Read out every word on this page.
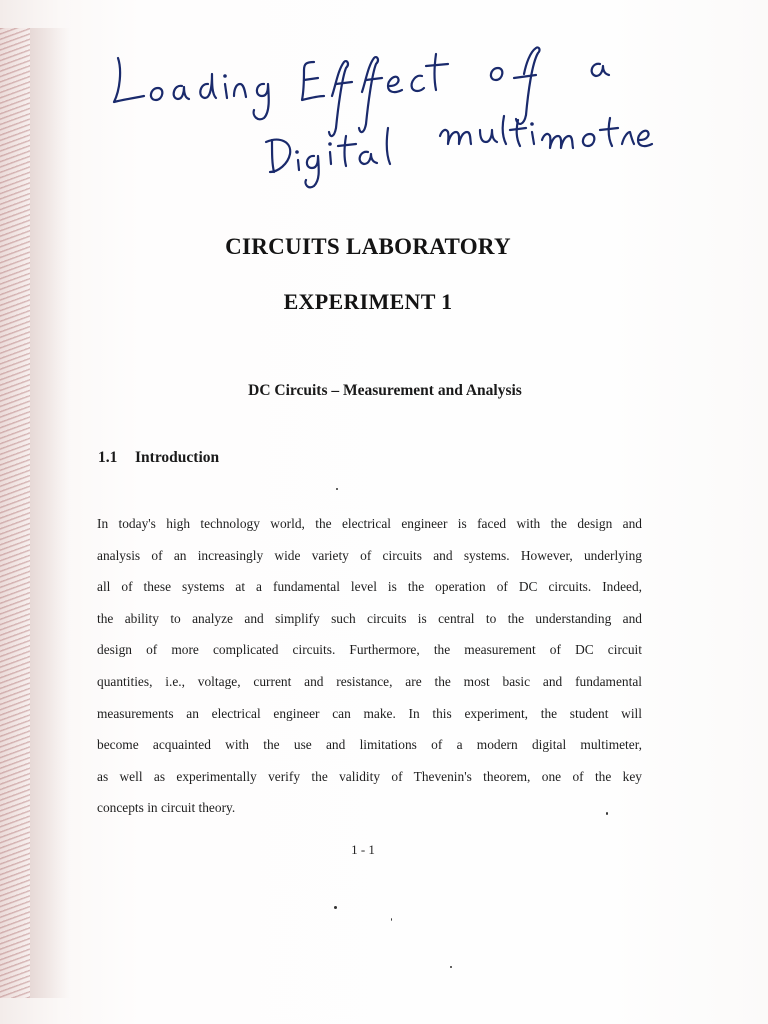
CIRCUITS LABORATORY
EXPERIMENT 1
DC Circuits – Measurement and Analysis
1.1 Introduction
In today's high technology world, the electrical engineer is faced with the design and
analysis of an increasingly wide variety of circuits and systems. However, underlying
all of these systems at a fundamental level is the operation of DC circuits. Indeed,
the ability to analyze and simplify such circuits is central to the understanding and
design of more complicated circuits. Furthermore, the measurement of DC circuit
quantities, i.e., voltage, current and resistance, are the most basic and fundamental
measurements an electrical engineer can make. In this experiment, the student will
become acquainted with the use and limitations of a modern digital multimeter,
as well as experimentally verify the validity of Thevenin's theorem, one of the key
concepts in circuit theory.
1 - 1
